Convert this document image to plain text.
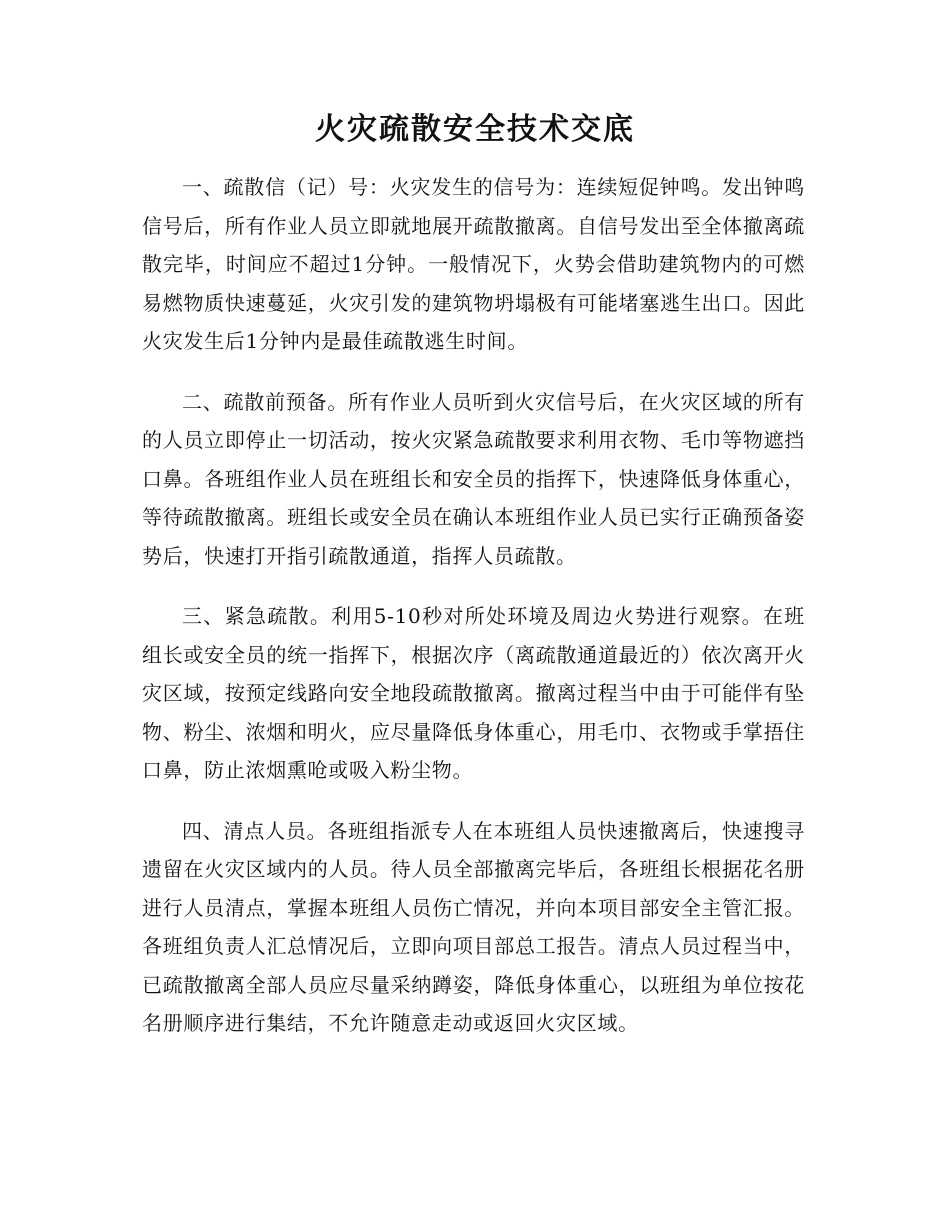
火灾疏散安全技术交底

一、疏散信（记）号：火灾发生的信号为：连续短促钟鸣。发出钟鸣信号后，所有作业人员立即就地展开疏散撤离。自信号发出至全体撤离疏散完毕，时间应不超过1分钟。一般情况下，火势会借助建筑物内的可燃易燃物质快速蔓延，火灾引发的建筑物坍塌极有可能堵塞逃生出口。因此火灾发生后1分钟内是最佳疏散逃生时间。

二、疏散前预备。所有作业人员听到火灾信号后，在火灾区域的所有的人员立即停止一切活动，按火灾紧急疏散要求利用衣物、毛巾等物遮挡口鼻。各班组作业人员在班组长和安全员的指挥下，快速降低身体重心，等待疏散撤离。班组长或安全员在确认本班组作业人员已实行正确预备姿势后，快速打开指引疏散通道，指挥人员疏散。

三、紧急疏散。利用5-10秒对所处环境及周边火势进行观察。在班组长或安全员的统一指挥下，根据次序（离疏散通道最近的）依次离开火灾区域，按预定线路向安全地段疏散撤离。撤离过程当中由于可能伴有坠物、粉尘、浓烟和明火，应尽量降低身体重心，用毛巾、衣物或手掌捂住口鼻，防止浓烟熏呛或吸入粉尘物。

四、清点人员。各班组指派专人在本班组人员快速撤离后，快速搜寻遗留在火灾区域内的人员。待人员全部撤离完毕后，各班组长根据花名册进行人员清点，掌握本班组人员伤亡情况，并向本项目部安全主管汇报。各班组负责人汇总情况后，立即向项目部总工报告。清点人员过程当中，已疏散撤离全部人员应尽量采纳蹲姿，降低身体重心，以班组为单位按花名册顺序进行集结，不允许随意走动或返回火灾区域。
